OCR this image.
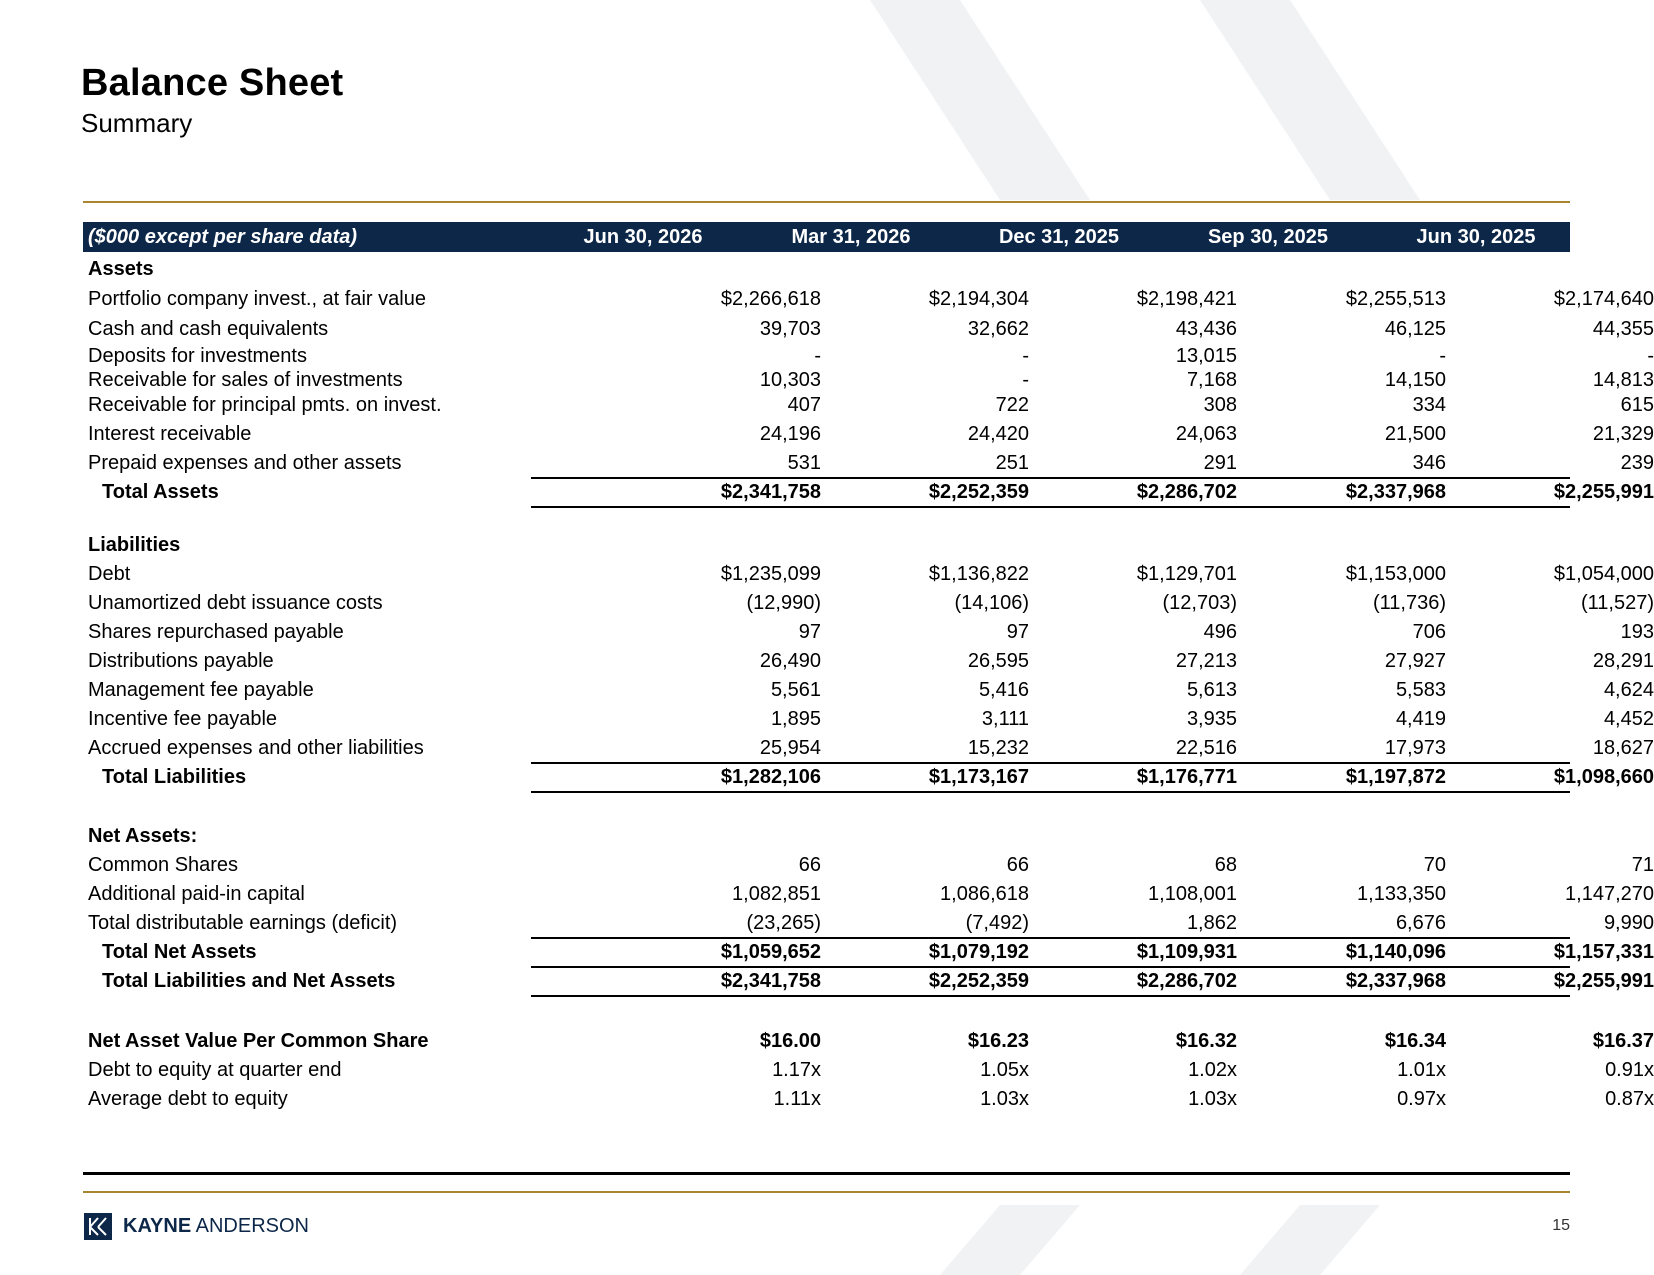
Balance Sheet
Summary
($000 except per share data)	Jun 30, 2026	Mar 31, 2026	Dec 31, 2025	Sep 30, 2025	Jun 30, 2025
Assets
Portfolio company invest., at fair value	$2,266,618	$2,194,304	$2,198,421	$2,255,513	$2,174,640
Cash and cash equivalents	39,703	32,662	43,436	46,125	44,355
Deposits for investments	-	-	13,015	-	-
Receivable for sales of investments	10,303	-	7,168	14,150	14,813
Receivable for principal pmts. on invest.	407	722	308	334	615
Interest receivable	24,196	24,420	24,063	21,500	21,329
Prepaid expenses and other assets	531	251	291	346	239
Total Assets	$2,341,758	$2,252,359	$2,286,702	$2,337,968	$2,255,991
Liabilities
Debt	$1,235,099	$1,136,822	$1,129,701	$1,153,000	$1,054,000
Unamortized debt issuance costs	(12,990)	(14,106)	(12,703)	(11,736)	(11,527)
Shares repurchased payable	97	97	496	706	193
Distributions payable	26,490	26,595	27,213	27,927	28,291
Management fee payable	5,561	5,416	5,613	5,583	4,624
Incentive fee payable	1,895	3,111	3,935	4,419	4,452
Accrued expenses and other liabilities	25,954	15,232	22,516	17,973	18,627
Total Liabilities	$1,282,106	$1,173,167	$1,176,771	$1,197,872	$1,098,660
Net Assets:
Common Shares	66	66	68	70	71
Additional paid-in capital	1,082,851	1,086,618	1,108,001	1,133,350	1,147,270
Total distributable earnings (deficit)	(23,265)	(7,492)	1,862	6,676	9,990
Total Net Assets	$1,059,652	$1,079,192	$1,109,931	$1,140,096	$1,157,331
Total Liabilities and Net Assets	$2,341,758	$2,252,359	$2,286,702	$2,337,968	$2,255,991
Net Asset Value Per Common Share	$16.00	$16.23	$16.32	$16.34	$16.37
Debt to equity at quarter end	1.17x	1.05x	1.02x	1.01x	0.91x
Average debt to equity	1.11x	1.03x	1.03x	0.97x	0.87x
KAYNE ANDERSON	15
